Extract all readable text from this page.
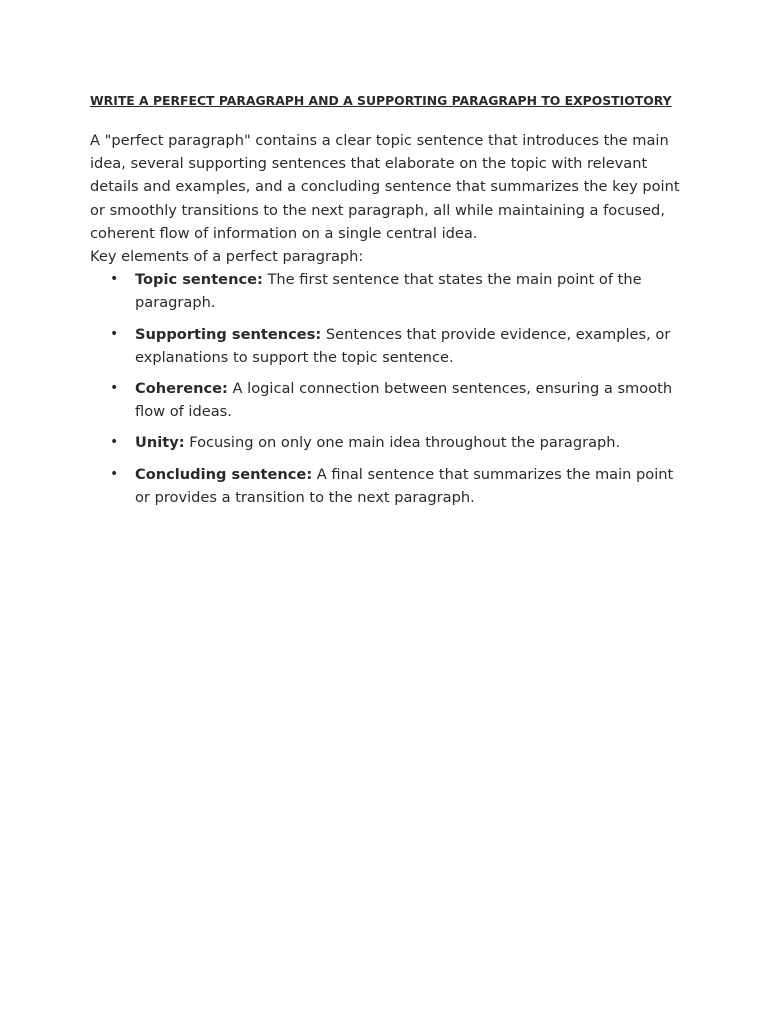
WRITE A PERFECT PARAGRAPH AND A SUPPORTING PARAGRAPH TO EXPOSTIOTORY

A "perfect paragraph" contains a clear topic sentence that introduces the main idea, several supporting sentences that elaborate on the topic with relevant details and examples, and a concluding sentence that summarizes the key point or smoothly transitions to the next paragraph, all while maintaining a focused, coherent flow of information on a single central idea.

Key elements of a perfect paragraph:

• Topic sentence: The first sentence that states the main point of the paragraph.
• Supporting sentences: Sentences that provide evidence, examples, or explanations to support the topic sentence.
• Coherence: A logical connection between sentences, ensuring a smooth flow of ideas.
• Unity: Focusing on only one main idea throughout the paragraph.
• Concluding sentence: A final sentence that summarizes the main point or provides a transition to the next paragraph.
